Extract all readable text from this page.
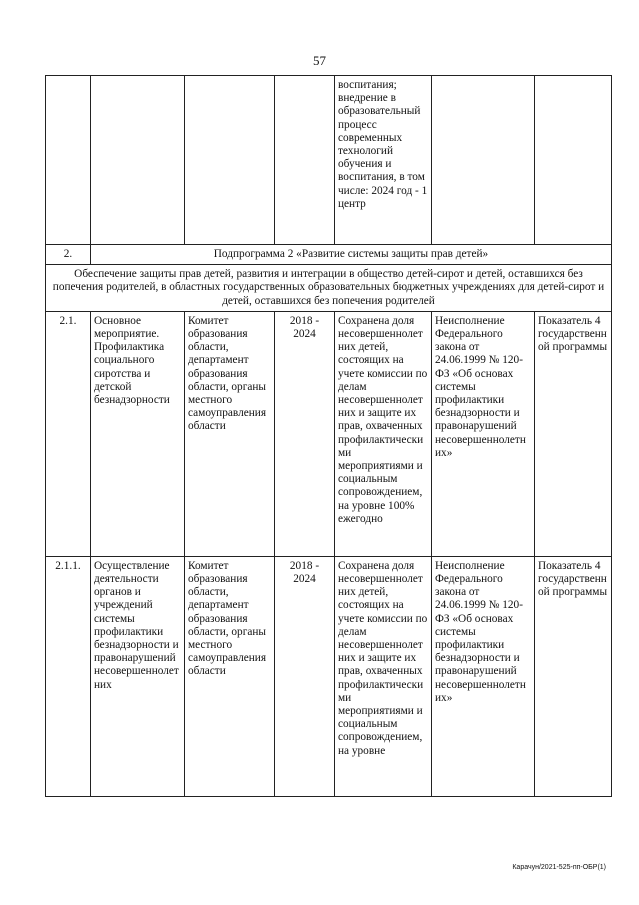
57
				воспитания; внедрение в образовательный процесс современных технологий обучения и воспитания, в том числе: 2024 год - 1 центр		
2.	Подпрограмма 2 «Развитие системы защиты прав детей»					
Обеспечение защиты прав детей, развития и интеграции в общество детей-сирот и детей, оставшихся без попечения родителей, в областных государственных образовательных бюджетных учреждениях для детей-сирот и детей, оставшихся без попечения родителей						
2.1.	Основное мероприятие. Профилактика социального сиротства и детской безнадзорности	Комитет образования области, департамент образования области, органы местного самоуправления области	2018 - 2024	Сохранена доля несовершеннолетних детей, состоящих на учете комиссии по делам несовершеннолетних и защите их прав, охваченных профилактическими мероприятиями и социальным сопровождением, на уровне 100% ежегодно	Неисполнение Федерального закона от 24.06.1999 № 120-ФЗ «Об основах системы профилактики безнадзорности и правонарушений несовершеннолетних»	Показатель 4 государственной программы
2.1.1.	Осуществление деятельности органов и учреждений системы профилактики безнадзорности и правонарушений несовершеннолетних	Комитет образования области, департамент образования области, органы местного самоуправления области	2018 - 2024	Сохранена доля несовершеннолетних детей, состоящих на учете комиссии по делам несовершеннолетних и защите их прав, охваченных профилактическими мероприятиями и социальным сопровождением, на уровне	Неисполнение Федерального закона от 24.06.1999 № 120-ФЗ «Об основах системы профилактики безнадзорности и правонарушений несовершеннолетних»	Показатель 4 государственной программы
Карачун/2021-525-пп-ОБР(1)
